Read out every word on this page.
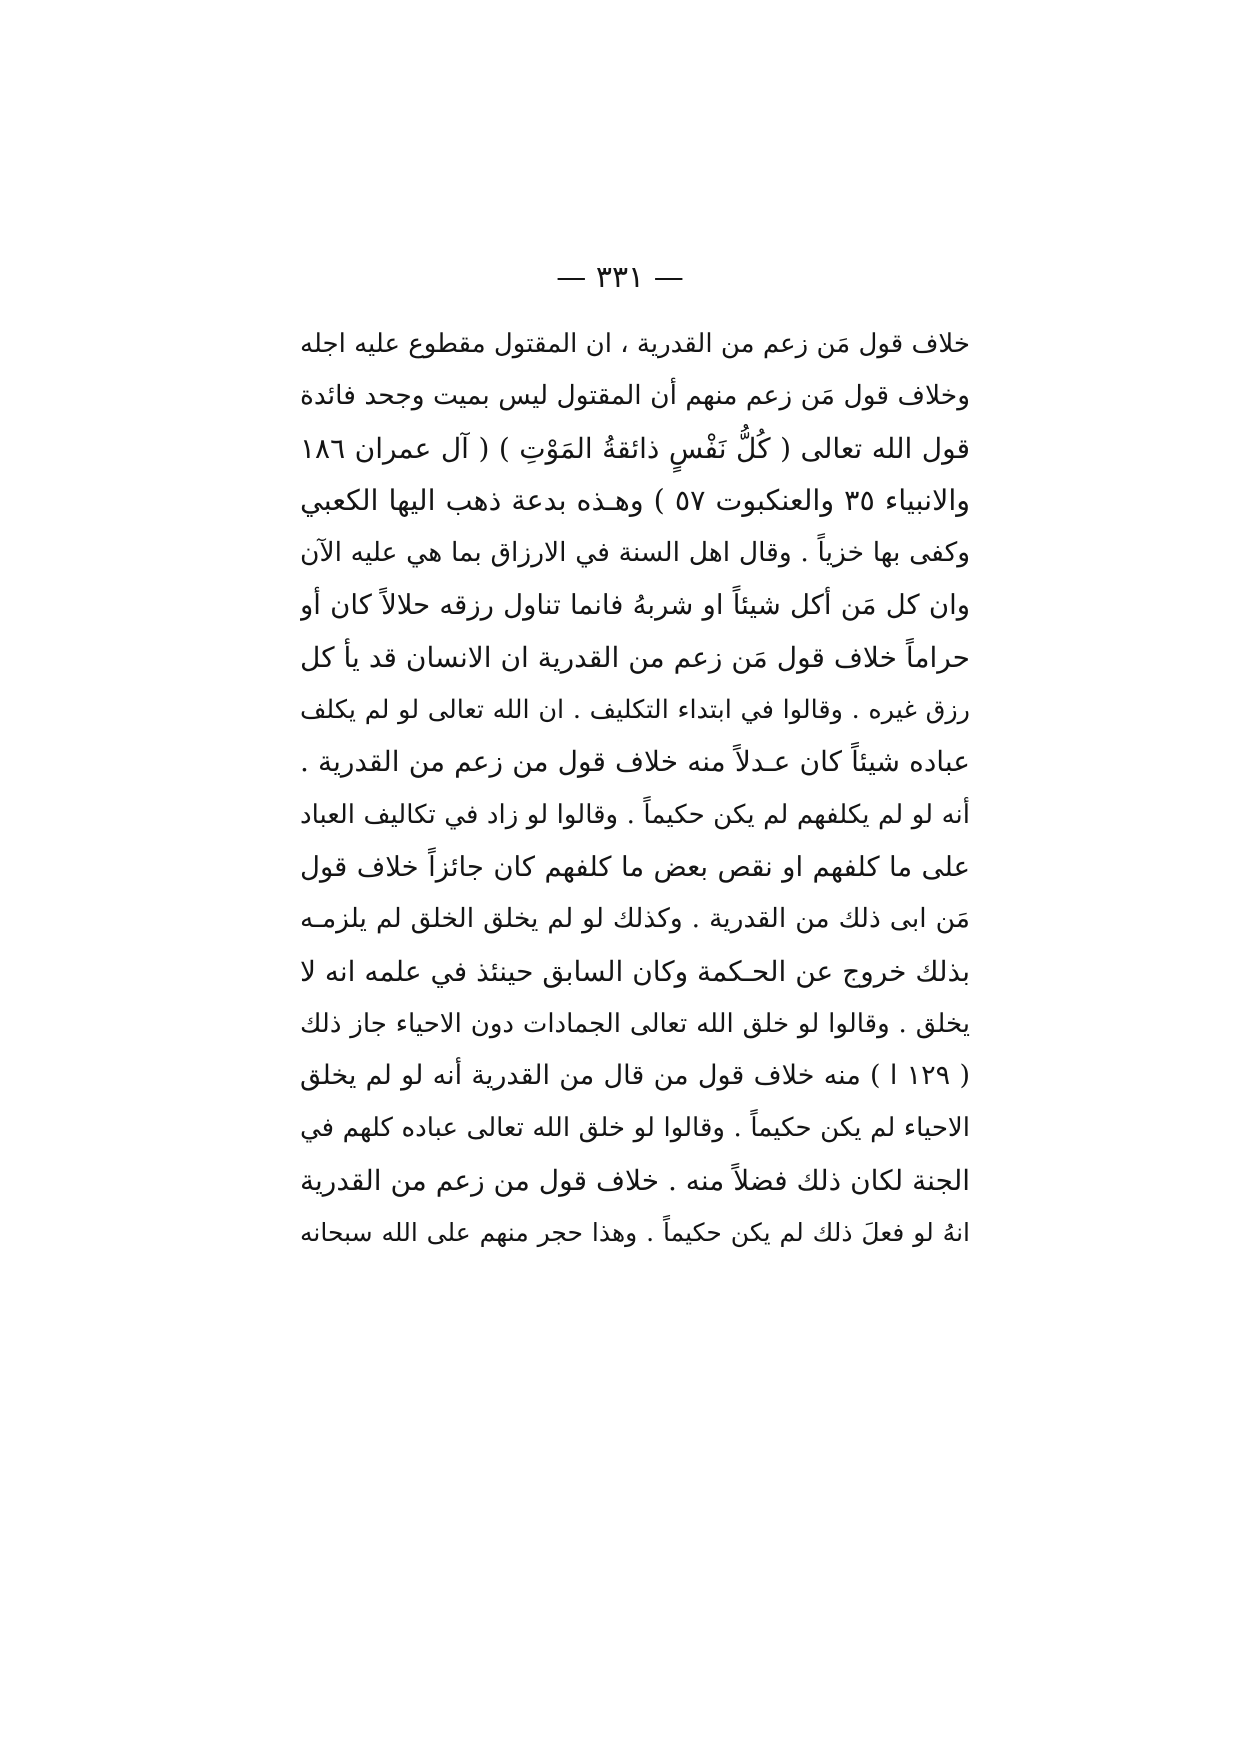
— ٣٣١ —
خلاف قول مَن زعم من القدرية ، ان المقتول مقطوع عليه اجله
وخلاف قول مَن زعم منهم أن المقتول ليس بميت وجحد فائدة
قول الله تعالى ( كُلُّ نَفْسٍ ذائقةُ المَوْتِ ) ( آل عمران ١٨٦
والانبياء ٣٥ والعنكبوت ٥٧ ) وهـذه بدعة ذهب اليها الكعبي
وكفى بها خزياً . وقال اهل السنة في الارزاق بما هي عليه الآن
وان كل مَن أكل شيئاً او شربهُ فانما تناول رزقه حلالاً كان أو
حراماً خلاف قول مَن زعم من القدرية ان الانسان قد يأ كل
رزق غيره . وقالوا في ابتداء التكليف . ان الله تعالى لو لم يكلف
عباده شيئاً كان عـدلاً منه خلاف قول من زعم من القدرية .
أنه لو لم يكلفهم لم يكن حكيماً . وقالوا لو زاد في تكاليف العباد
على ما كلفهم او نقص بعض ما كلفهم كان جائزاً خلاف قول
مَن ابى ذلك من القدرية . وكذلك لو لم يخلق الخلق لم يلزمـه
بذلك خروج عن الحـكمة وكان السابق حينئذ في علمه انه لا
يخلق . وقالوا لو خلق الله تعالى الجمادات دون الاحياء جاز ذلك
( ١٢٩ ا ) منه خلاف قول من قال من القدرية أنه لو لم يخلق
الاحياء لم يكن حكيماً . وقالوا لو خلق الله تعالى عباده كلهم في
الجنة لكان ذلك فضلاً منه . خلاف قول من زعم من القدرية
انهُ لو فعلَ ذلك لم يكن حكيماً . وهذا حجر منهم على الله سبحانه
